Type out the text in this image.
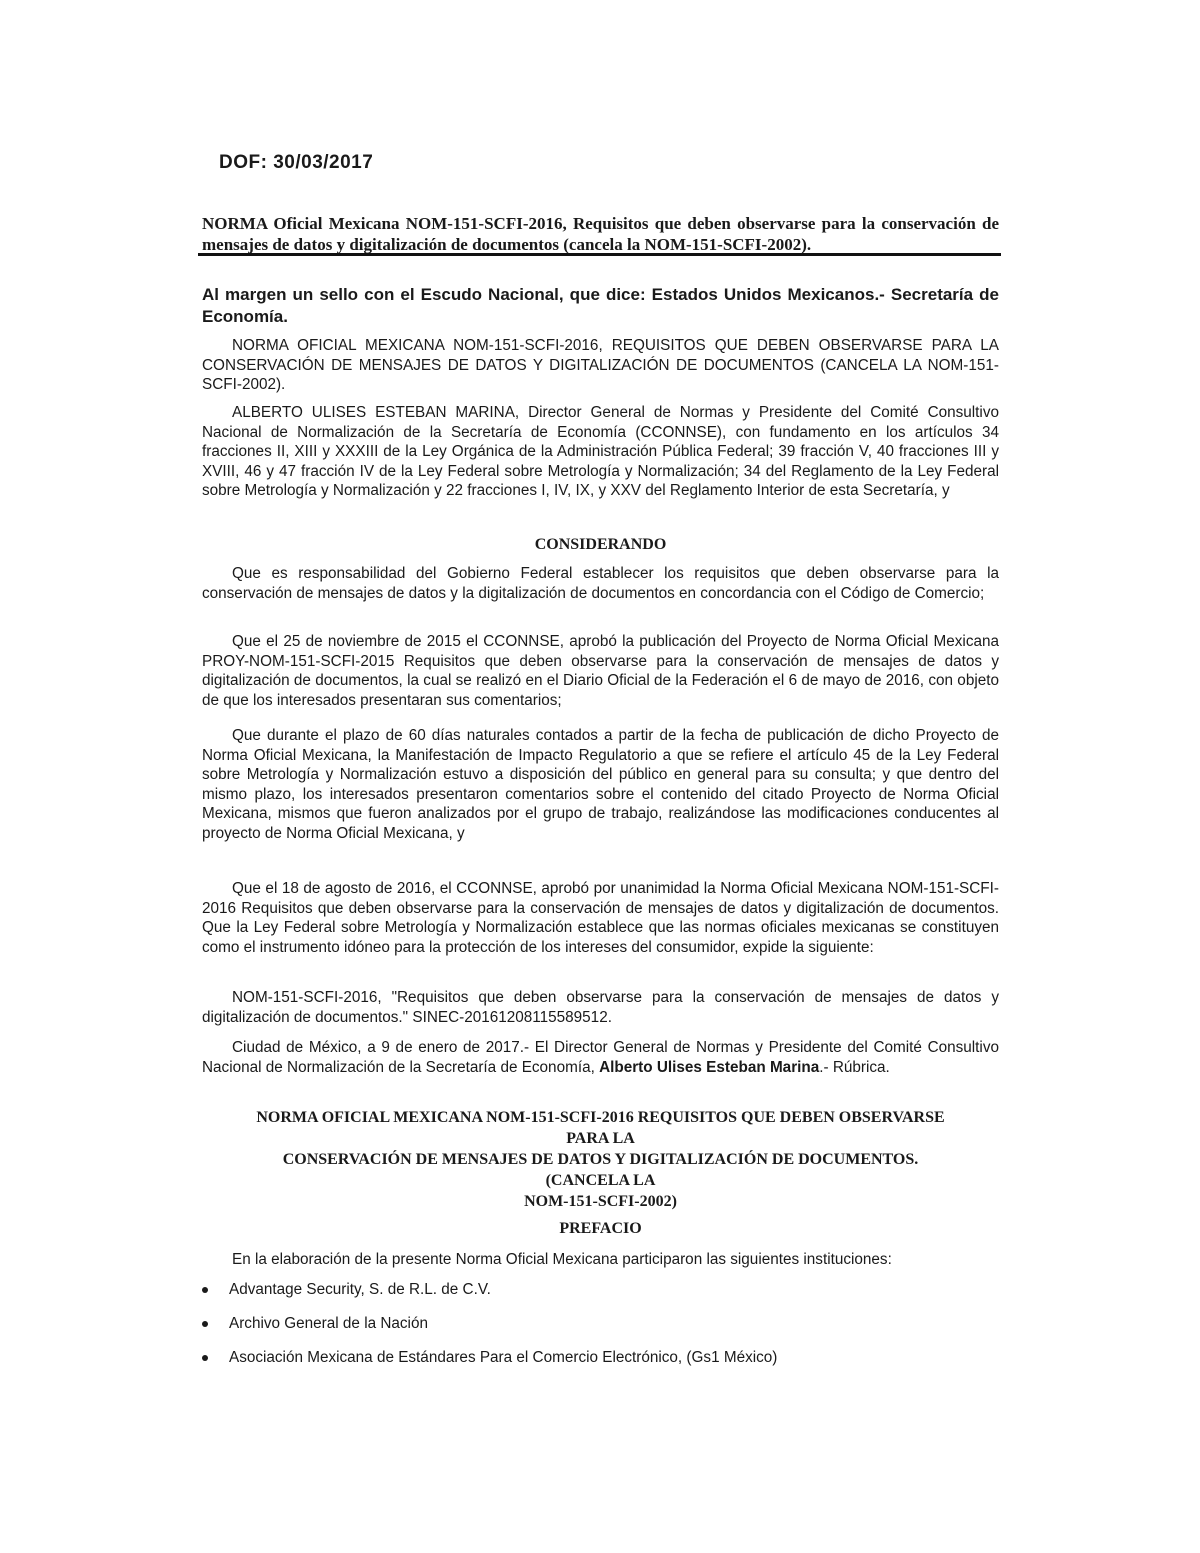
DOF: 30/03/2017
NORMA Oficial Mexicana NOM-151-SCFI-2016, Requisitos que deben observarse para la conservación de mensajes de datos y digitalización de documentos (cancela la NOM-151-SCFI-2002).
Al margen un sello con el Escudo Nacional, que dice: Estados Unidos Mexicanos.- Secretaría de Economía.
NORMA OFICIAL MEXICANA NOM-151-SCFI-2016, REQUISITOS QUE DEBEN OBSERVARSE PARA LA CONSERVACIÓN DE MENSAJES DE DATOS Y DIGITALIZACIÓN DE DOCUMENTOS (CANCELA LA NOM-151-SCFI-2002).
ALBERTO ULISES ESTEBAN MARINA, Director General de Normas y Presidente del Comité Consultivo Nacional de Normalización de la Secretaría de Economía (CCONNSE), con fundamento en los artículos 34 fracciones II, XIII y XXXIII de la Ley Orgánica de la Administración Pública Federal; 39 fracción V, 40 fracciones III y XVIII, 46 y 47 fracción IV de la Ley Federal sobre Metrología y Normalización; 34 del Reglamento de la Ley Federal sobre Metrología y Normalización y 22 fracciones I, IV, IX, y XXV del Reglamento Interior de esta Secretaría, y
CONSIDERANDO
Que es responsabilidad del Gobierno Federal establecer los requisitos que deben observarse para la conservación de mensajes de datos y la digitalización de documentos en concordancia con el Código de Comercio;
Que el 25 de noviembre de 2015 el CCONNSE, aprobó la publicación del Proyecto de Norma Oficial Mexicana PROY-NOM-151-SCFI-2015 Requisitos que deben observarse para la conservación de mensajes de datos y digitalización de documentos, la cual se realizó en el Diario Oficial de la Federación el 6 de mayo de 2016, con objeto de que los interesados presentaran sus comentarios;
Que durante el plazo de 60 días naturales contados a partir de la fecha de publicación de dicho Proyecto de Norma Oficial Mexicana, la Manifestación de Impacto Regulatorio a que se refiere el artículo 45 de la Ley Federal sobre Metrología y Normalización estuvo a disposición del público en general para su consulta; y que dentro del mismo plazo, los interesados presentaron comentarios sobre el contenido del citado Proyecto de Norma Oficial Mexicana, mismos que fueron analizados por el grupo de trabajo, realizándose las modificaciones conducentes al proyecto de Norma Oficial Mexicana, y
Que el 18 de agosto de 2016, el CCONNSE, aprobó por unanimidad la Norma Oficial Mexicana NOM-151-SCFI-2016 Requisitos que deben observarse para la conservación de mensajes de datos y digitalización de documentos. Que la Ley Federal sobre Metrología y Normalización establece que las normas oficiales mexicanas se constituyen como el instrumento idóneo para la protección de los intereses del consumidor, expide la siguiente:
NOM-151-SCFI-2016, "Requisitos que deben observarse para la conservación de mensajes de datos y digitalización de documentos." SINEC-20161208115589512.
Ciudad de México, a 9 de enero de 2017.- El Director General de Normas y Presidente del Comité Consultivo Nacional de Normalización de la Secretaría de Economía, Alberto Ulises Esteban Marina.- Rúbrica.
NORMA OFICIAL MEXICANA NOM-151-SCFI-2016 REQUISITOS QUE DEBEN OBSERVARSE
PARA LA
CONSERVACIÓN DE MENSAJES DE DATOS Y DIGITALIZACIÓN DE DOCUMENTOS.
(CANCELA LA
NOM-151-SCFI-2002)
PREFACIO
En la elaboración de la presente Norma Oficial Mexicana participaron las siguientes instituciones:
Advantage Security, S. de R.L. de C.V.
Archivo General de la Nación
Asociación Mexicana de Estándares Para el Comercio Electrónico, (Gs1 México)
